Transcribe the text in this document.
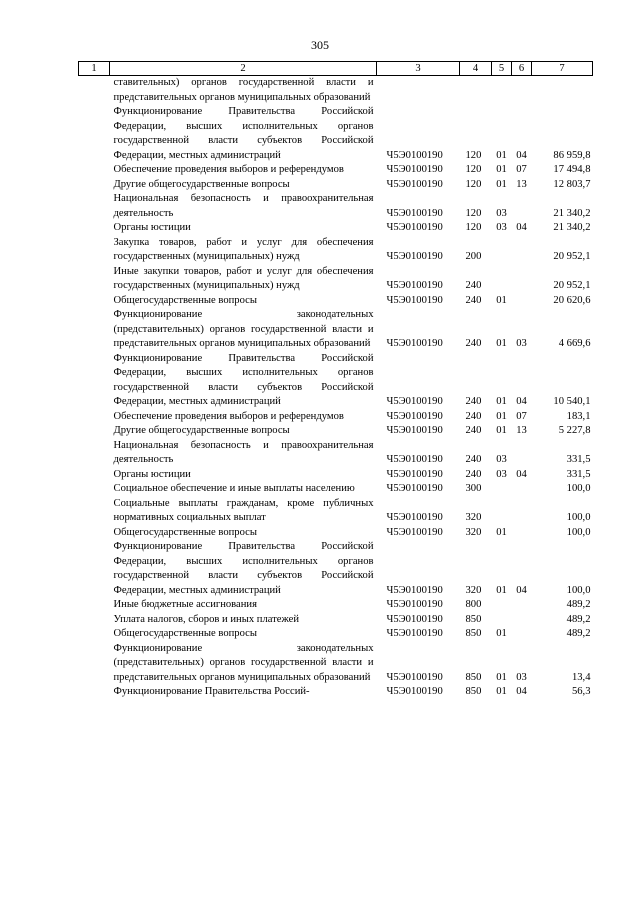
305
1	2	3	4	5	6	7
	ставительных) органов государственной власти и представительных органов муниципальных образований					
	Функционирование Правительства Российской Федерации, высших исполнительных органов государственной власти субъектов Российской Федерации, местных администраций	Ч5Э0100190	120	01	04	86 959,8
	Обеспечение проведения выборов и референдумов	Ч5Э0100190	120	01	07	17 494,8
	Другие общегосударственные вопросы	Ч5Э0100190	120	01	13	12 803,7
	Национальная безопасность и правоохранительная деятельность	Ч5Э0100190	120	03		21 340,2
	Органы юстиции	Ч5Э0100190	120	03	04	21 340,2
	Закупка товаров, работ и услуг для обеспечения государственных (муниципальных) нужд	Ч5Э0100190	200			20 952,1
	Иные закупки товаров, работ и услуг для обеспечения государственных (муниципальных) нужд	Ч5Э0100190	240			20 952,1
	Общегосударственные вопросы	Ч5Э0100190	240	01		20 620,6
	Функционирование законодательных (представительных) органов государственной власти и представительных органов муниципальных образований	Ч5Э0100190	240	01	03	4 669,6
	Функционирование Правительства Российской Федерации, высших исполнительных органов государственной власти субъектов Российской Федерации, местных администраций	Ч5Э0100190	240	01	04	10 540,1
	Обеспечение проведения выборов и референдумов	Ч5Э0100190	240	01	07	183,1
	Другие общегосударственные вопросы	Ч5Э0100190	240	01	13	5 227,8
	Национальная безопасность и правоохранительная деятельность	Ч5Э0100190	240	03		331,5
	Органы юстиции	Ч5Э0100190	240	03	04	331,5
	Социальное обеспечение и иные выплаты населению	Ч5Э0100190	300			100,0
	Социальные выплаты гражданам, кроме публичных нормативных социальных выплат	Ч5Э0100190	320			100,0
	Общегосударственные вопросы	Ч5Э0100190	320	01		100,0
	Функционирование Правительства Российской Федерации, высших исполнительных органов государственной власти субъектов Российской Федерации, местных администраций	Ч5Э0100190	320	01	04	100,0
	Иные бюджетные ассигнования	Ч5Э0100190	800			489,2
	Уплата налогов, сборов и иных платежей	Ч5Э0100190	850			489,2
	Общегосударственные вопросы	Ч5Э0100190	850	01		489,2
	Функционирование законодательных (представительных) органов государственной власти и представительных органов муниципальных образований	Ч5Э0100190	850	01	03	13,4
	Функционирование Правительства Россий-	Ч5Э0100190	850	01	04	56,3
